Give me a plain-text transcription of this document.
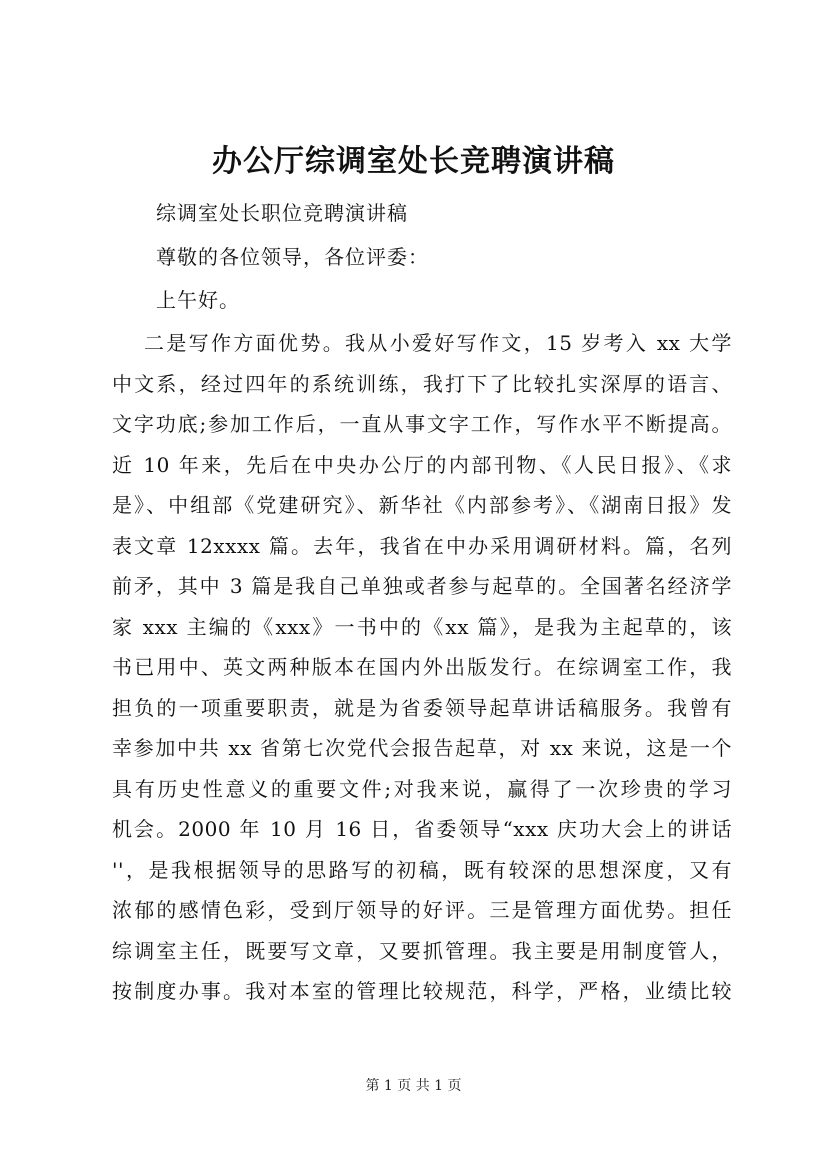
办公厅综调室处长竞聘演讲稿
综调室处长职位竞聘演讲稿
尊敬的各位领导，各位评委：
上午好。
二是写作方面优势。我从小爱好写作文，15 岁考入 xx 大学
中文系，经过四年的系统训练，我打下了比较扎实深厚的语言、
文字功底;参加工作后，一直从事文字工作，写作水平不断提高。
近 10 年来，先后在中央办公厅的内部刊物、《人民日报》、《求
是》、中组部《党建研究》、新华社《内部参考》、《湖南日报》发
表文章 12xxxx 篇。去年，我省在中办采用调研材料。篇，名列
前矛，其中 3 篇是我自己单独或者参与起草的。全国著名经济学
家 xxx 主编的《xxx》一书中的《xx 篇》，是我为主起草的，该
书已用中、英文两种版本在国内外出版发行。在综调室工作，我
担负的一项重要职责，就是为省委领导起草讲话稿服务。我曾有
幸参加中共 xx 省第七次党代会报告起草，对 xx 来说，这是一个
具有历史性意义的重要文件;对我来说，赢得了一次珍贵的学习
机会。2000 年 10 月 16 日，省委领导“xxx 庆功大会上的讲话
''，是我根据领导的思路写的初稿，既有较深的思想深度，又有
浓郁的感情色彩，受到厅领导的好评。三是管理方面优势。担任
综调室主任，既要写文章，又要抓管理。我主要是用制度管人，
按制度办事。我对本室的管理比较规范，科学，严格，业绩比较
第 1 页 共 1 页
